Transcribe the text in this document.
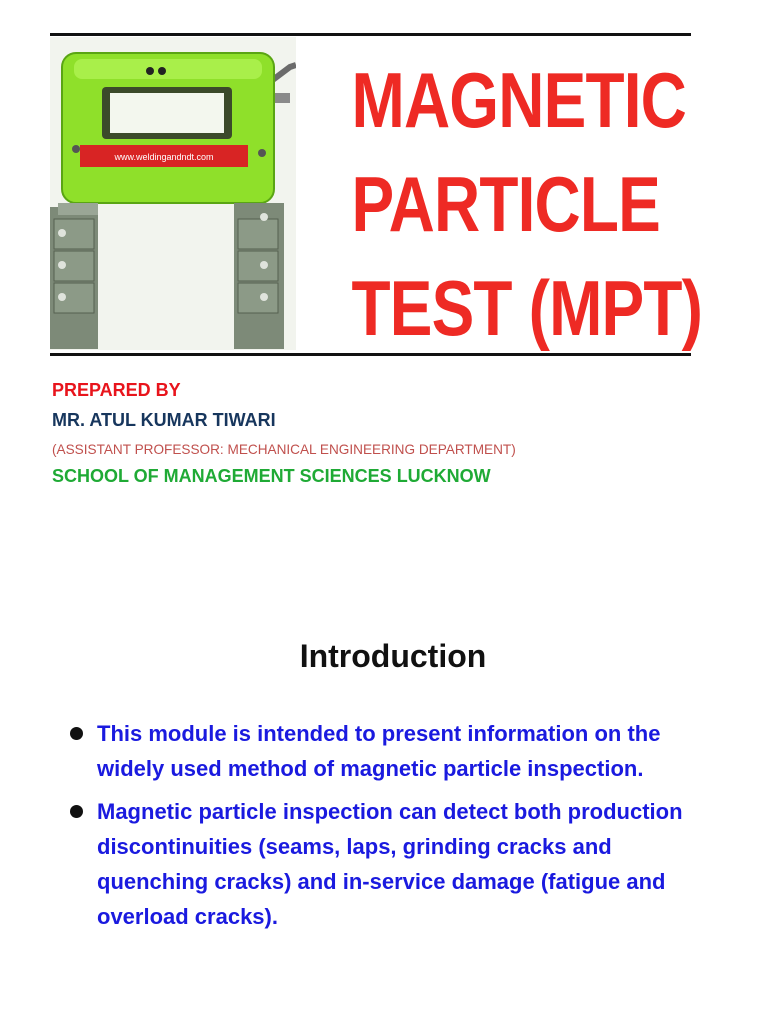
www.weldingandndt.com
MAGNETIC
PARTICLE
TEST (MPT)
PREPARED BY
MR. ATUL KUMAR TIWARI
(ASSISTANT PROFESSOR: MECHANICAL ENGINEERING DEPARTMENT)
SCHOOL OF MANAGEMENT SCIENCES LUCKNOW
Introduction
This module is intended to present information on the widely used method of magnetic particle inspection.
Magnetic particle inspection can detect both production discontinuities (seams, laps, grinding cracks and quenching cracks) and in-service damage (fatigue and overload cracks).
